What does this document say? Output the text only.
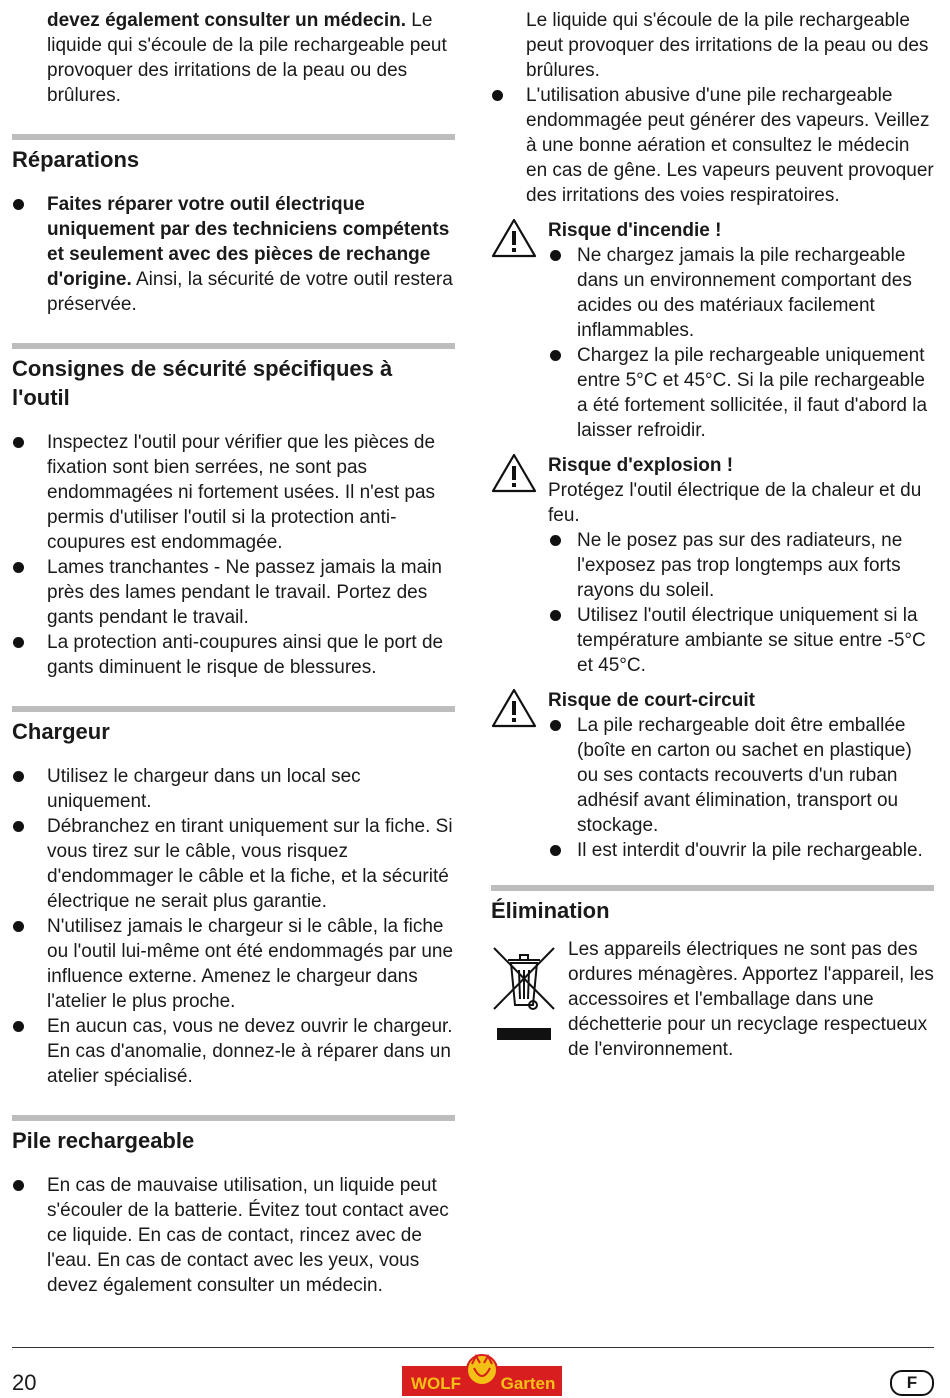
devez également consulter un médecin. Le liquide qui s'écoule de la pile rechargeable peut provoquer des irritations de la peau ou des brûlures.

Réparations
Faites réparer votre outil électrique uniquement par des techniciens compétents et seulement avec des pièces de rechange d'origine. Ainsi, la sécurité de votre outil restera préservée.
Consignes de sécurité spécifiques à l'outil
Inspectez l'outil pour vérifier que les pièces de fixation sont bien serrées, ne sont pas endommagées ni fortement usées. Il n'est pas permis d'utiliser l'outil si la protection anti-coupures est endommagée.
Lames tranchantes - Ne passez jamais la main près des lames pendant le travail. Portez des gants pendant le travail.
La protection anti-coupures ainsi que le port de gants diminuent le risque de blessures.
Chargeur
Utilisez le chargeur dans un local sec uniquement.
Débranchez en tirant uniquement sur la fiche. Si vous tirez sur le câble, vous risquez d'endommager le câble et la fiche, et la sécurité électrique ne serait plus garantie.
N'utilisez jamais le chargeur si le câble, la fiche ou l'outil lui-même ont été endommagés par une influence externe. Amenez le chargeur dans l'atelier le plus proche.
En aucun cas, vous ne devez ouvrir le chargeur. En cas d'anomalie, donnez-le à réparer dans un atelier spécialisé.
Pile rechargeable
En cas de mauvaise utilisation, un liquide peut s'écouler de la batterie. Évitez tout contact avec ce liquide. En cas de contact, rincez avec de l'eau. En cas de contact avec les yeux, vous devez également consulter un médecin.

Le liquide qui s'écoule de la pile rechargeable peut provoquer des irritations de la peau ou des brûlures.

L'utilisation abusive d'une pile rechargeable endommagée peut générer des vapeurs. Veillez à une bonne aération et consultez le médecin en cas de gêne. Les vapeurs peuvent provoquer des irritations des voies respiratoires.
Risque d'incendie !
Ne chargez jamais la pile rechargeable dans un environnement comportant des acides ou des matériaux facilement inflammables.
Chargez la pile rechargeable uniquement entre 5°C et 45°C. Si la pile rechargeable a été fortement sollicitée, il faut d'abord la laisser refroidir.
Risque d'explosion !

Protégez l'outil électrique de la chaleur et du feu.

Ne le posez pas sur des radiateurs, ne l'exposez pas trop longtemps aux forts rayons du soleil.
Utilisez l'outil électrique uniquement si la température ambiante se situe entre -5°C et 45°C.
Risque de court-circuit
La pile rechargeable doit être emballée (boîte en carton ou sachet en plastique) ou ses contacts recouverts d'un ruban adhésif avant élimination, transport ou stockage.
Il est interdit d'ouvrir la pile rechargeable.
Élimination

Les appareils électriques ne sont pas des ordures ménagères. Apportez l'appareil, les accessoires et l'emballage dans une déchetterie pour un recyclage respectueux de l'environnement.

20	WOLF Garten	F
